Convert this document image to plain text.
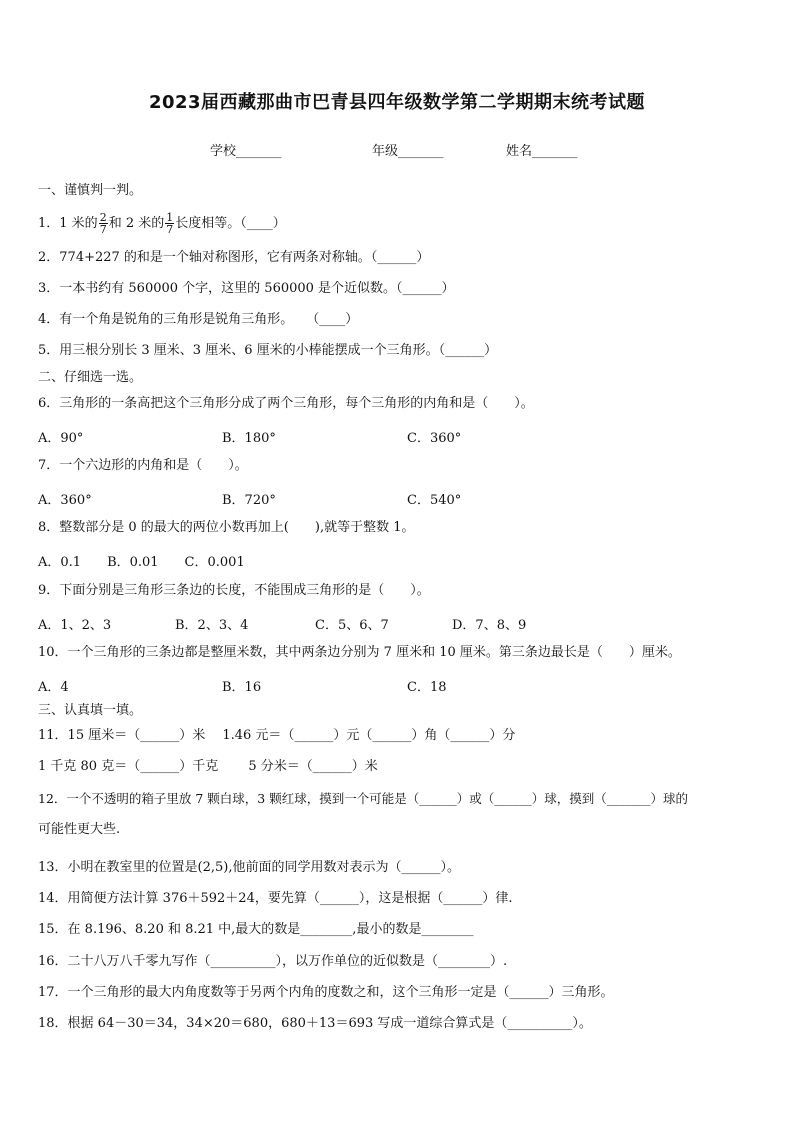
2023届西藏那曲市巴青县四年级数学第二学期期末统考试题
学校_______	年级_______	姓名_______
一、谨慎判一判。
1．1 米的 $\frac{2}{7}$ 和 2 米的 $\frac{1}{7}$ 长度相等。（____）
2．774+227 的和是一个轴对称图形，它有两条对称轴。（______）
3．一本书约有 560000 个字，这里的 560000 是个近似数。（______）
4．有一个角是锐角的三角形是锐角三角形。　　（____）
5．用三根分别长 3 厘米、3 厘米、6 厘米的小棒能摆成一个三角形。（______）
二、仔细选一选。
6．三角形的一条高把这个三角形分成了两个三角形，每个三角形的内角和是（　　）。
A．90°	B．180°	C．360°
7．一个六边形的内角和是（　　）。
A．360°	B．720°	C．540°
8．整数部分是 0 的最大的两位小数再加上(　　),就等于整数 1。
A．0.1　　B．0.01　　C．0.001
9．下面分别是三角形三条边的长度，不能围成三角形的是（　　）。
A．1、2、3	B．2、3、4	C．5、6、7	D．7、8、9
10．一个三角形的三条边都是整厘米数，其中两条边分别为 7 厘米和 10 厘米。第三条边最长是（　　）厘米。
A．4	B．16	C．18
三、认真填一填。
11．15 厘米＝（______）米　 1.46 元＝（______）元（______）角（______）分
1 千克 80 克＝（______）千克　　 5 分米＝（______）米
12．一个不透明的箱子里放 7 颗白球，3 颗红球，摸到一个可能是（______）或（______）球，摸到（_______）球的
可能性更大些.
13．小明在教室里的位置是(2,5),他前面的同学用数对表示为（______）。
14．用简便方法计算 376＋592＋24，要先算（______），这是根据（______）律.
15．在 8.196、8.20 和 8.21 中,最大的数是________,最小的数是________
16．二十八万八千零九写作（__________），以万作单位的近似数是（________）.
17．一个三角形的最大内角度数等于另两个内角的度数之和，这个三角形一定是（______）三角形。
18．根据 64－30＝34，34×20＝680，680＋13＝693 写成一道综合算式是（__________）。
